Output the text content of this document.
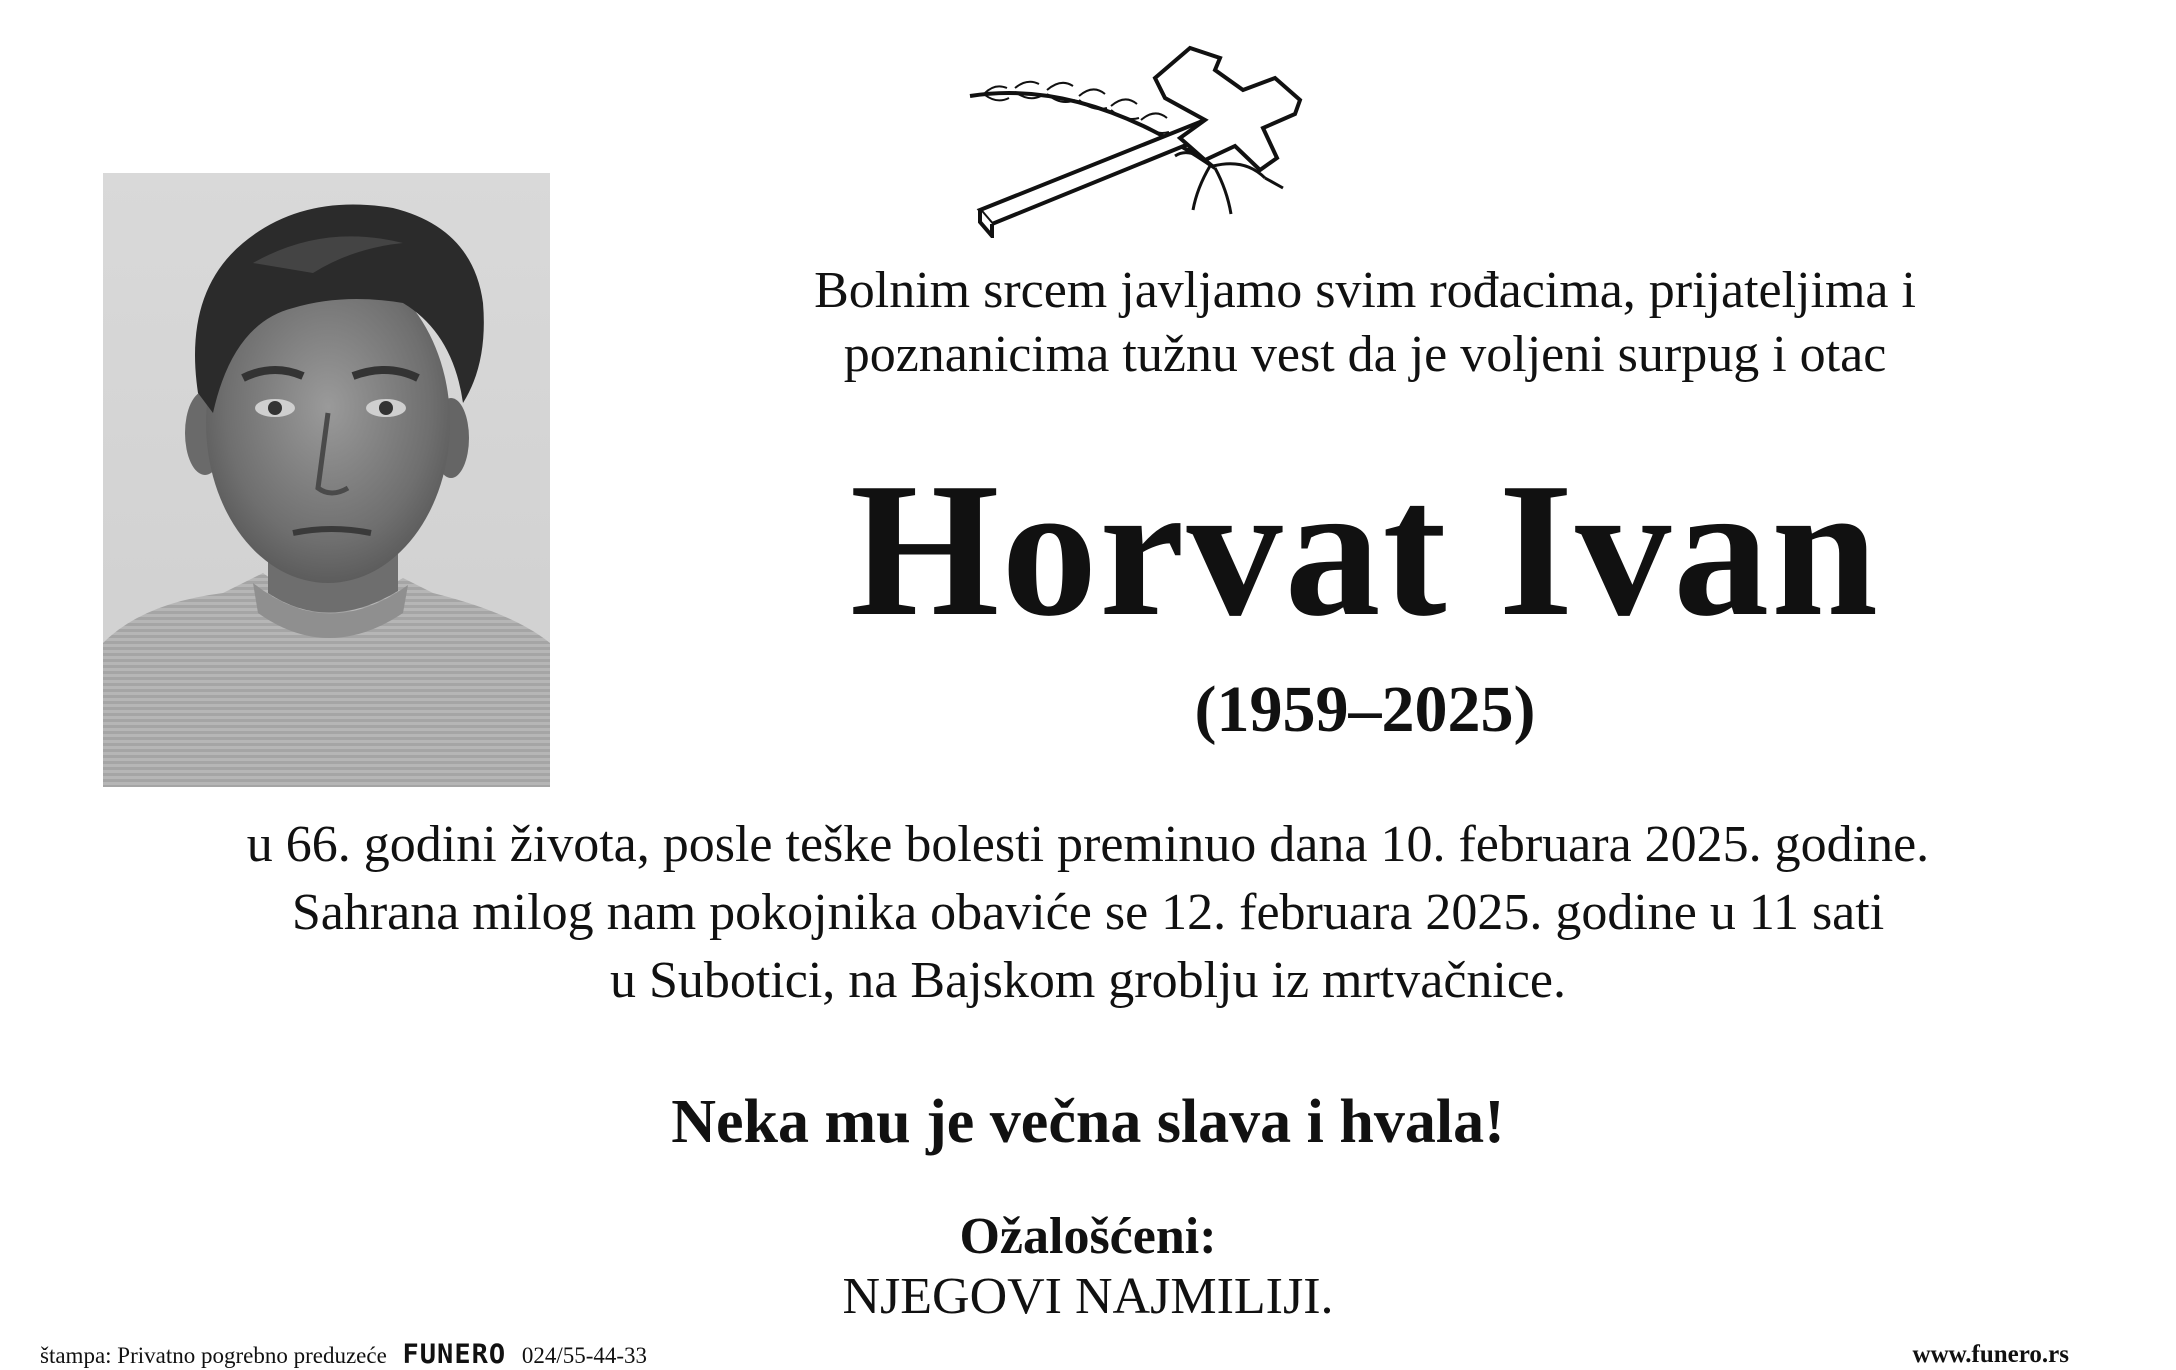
Bolnim srcem javljamo svim rođacima, prijateljima i
poznanicima tužnu vest da je voljeni surpug i otac
Horvat Ivan
(1959–2025)
u 66. godini života, posle teške bolesti preminuo dana 10. februara 2025. godine.
Sahrana milog nam pokojnika obaviće se 12. februara 2025. godine u 11 sati
u Subotici, na Bajskom groblju iz mrtvačnice.
Neka mu je večna slava i hvala!
Ožalošćeni:
NJEGOVI NAJMILIJI.
štampa: Privatno pogrebno preduzeće FUNERO 024/55-44-33	www.funero.rs
